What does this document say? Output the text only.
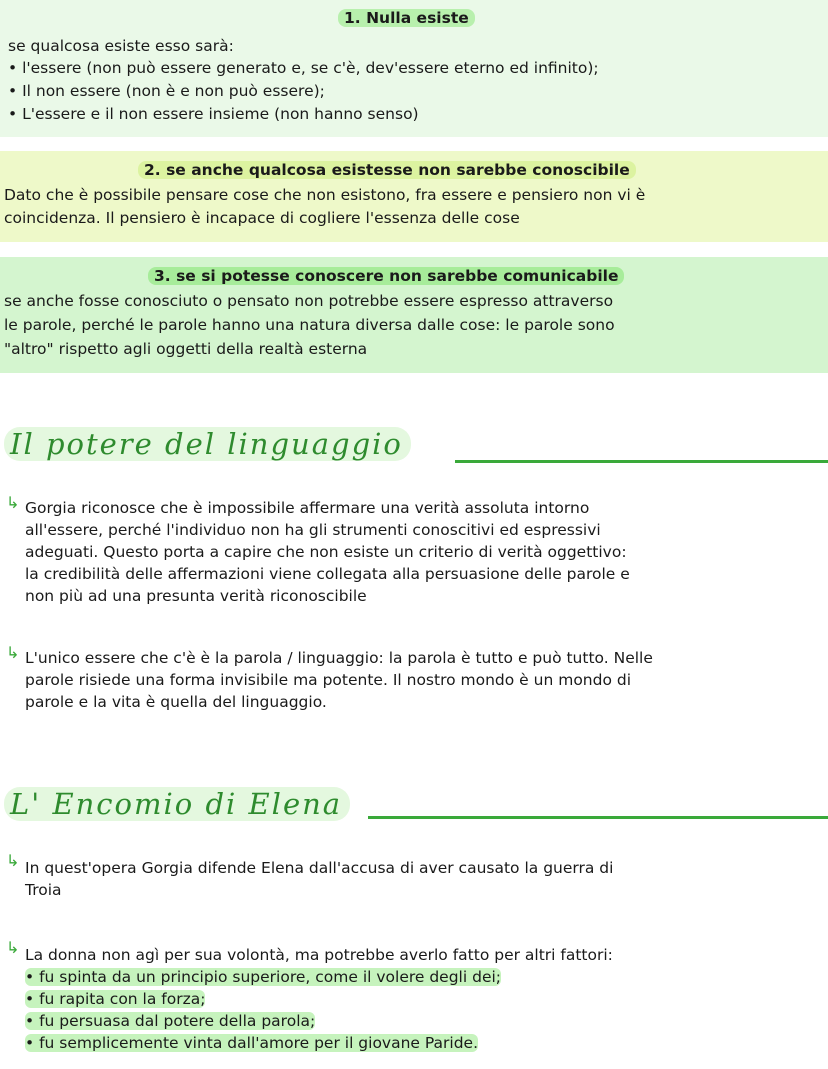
1. Nulla esiste
se qualcosa esiste esso sarà:
• l'essere (non può essere generato e, se c'è, dev'essere eterno ed infinito);
• Il non essere (non è e non può essere);
• L'essere e il non essere insieme (non hanno senso)
2. se anche qualcosa esistesse non sarebbe conoscibile
Dato che è possibile pensare cose che non esistono, fra essere e pensiero non vi è
coincidenza. Il pensiero è incapace di cogliere l'essenza delle cose
3. se si potesse conoscere non sarebbe comunicabile
se anche fosse conosciuto o pensato non potrebbe essere espresso attraverso
le parole, perché le parole hanno una natura diversa dalle cose: le parole sono
"altro" rispetto agli oggetti della realtà esterna
Il potere del linguaggio
↳ Gorgia riconosce che è impossibile affermare una verità assoluta intorno
all'essere, perché l'individuo non ha gli strumenti conoscitivi ed espressivi
adeguati. Questo porta a capire che non esiste un criterio di verità oggettivo:
la credibilità delle affermazioni viene collegata alla persuasione delle parole e
non più ad una presunta verità riconoscibile
↳ L'unico essere che c'è è la parola / linguaggio: la parola è tutto e può tutto. Nelle
parole risiede una forma invisibile ma potente. Il nostro mondo è un mondo di
parole e la vita è quella del linguaggio.
L' Encomio di Elena
↳ In quest'opera Gorgia difende Elena dall'accusa di aver causato la guerra di
Troia
↳ La donna non agì per sua volontà, ma potrebbe averlo fatto per altri fattori:
• fu spinta da un principio superiore, come il volere degli dei;
• fu rapita con la forza;
• fu persuasa dal potere della parola;
• fu semplicemente vinta dall'amore per il giovane Paride.
